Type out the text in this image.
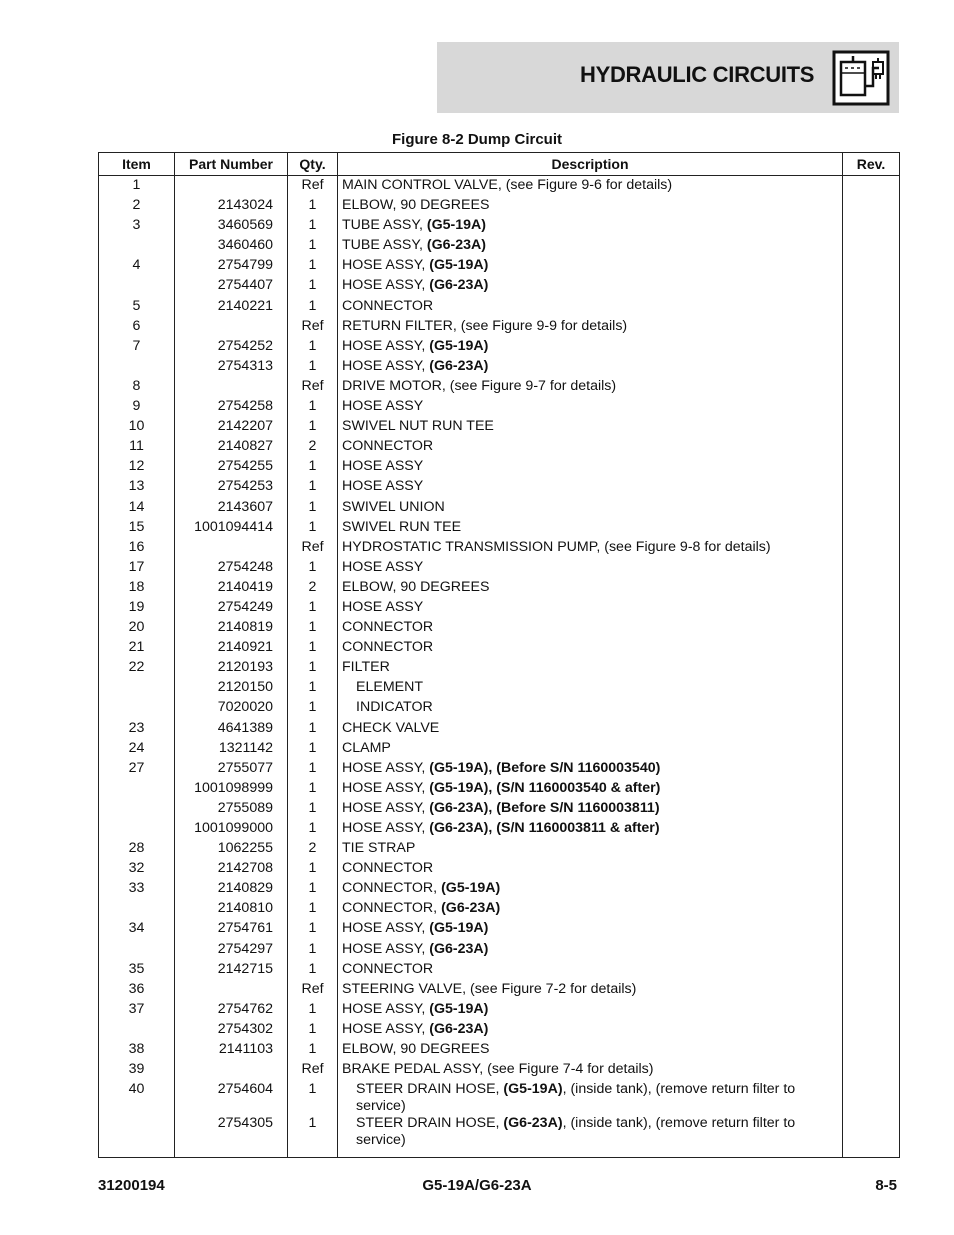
HYDRAULIC CIRCUITS
Figure 8-2 Dump Circuit
Item	Part Number	Qty.	Description	Rev.
1		Ref	MAIN CONTROL VALVE, (see Figure 9-6 for details)	
2	2143024	1	ELBOW, 90 DEGREES	
3	3460569	1	TUBE ASSY, (G5-19A)	
	3460460	1	TUBE ASSY, (G6-23A)	
4	2754799	1	HOSE ASSY, (G5-19A)	
	2754407	1	HOSE ASSY, (G6-23A)	
5	2140221	1	CONNECTOR	
6		Ref	RETURN FILTER, (see Figure 9-9 for details)	
7	2754252	1	HOSE ASSY, (G5-19A)	
	2754313	1	HOSE ASSY, (G6-23A)	
8		Ref	DRIVE MOTOR, (see Figure 9-7 for details)	
9	2754258	1	HOSE ASSY	
10	2142207	1	SWIVEL NUT RUN TEE	
11	2140827	2	CONNECTOR	
12	2754255	1	HOSE ASSY	
13	2754253	1	HOSE ASSY	
14	2143607	1	SWIVEL UNION	
15	1001094414	1	SWIVEL RUN TEE	
16		Ref	HYDROSTATIC TRANSMISSION PUMP, (see Figure 9-8 for details)	
17	2754248	1	HOSE ASSY	
18	2140419	2	ELBOW, 90 DEGREES	
19	2754249	1	HOSE ASSY	
20	2140819	1	CONNECTOR	
21	2140921	1	CONNECTOR	
22	2120193	1	FILTER	
	2120150	1	ELEMENT	
	7020020	1	INDICATOR	
23	4641389	1	CHECK VALVE	
24	1321142	1	CLAMP	
27	2755077	1	HOSE ASSY, (G5-19A), (Before S/N 1160003540)	
	1001098999	1	HOSE ASSY, (G5-19A), (S/N 1160003540 & after)	
	2755089	1	HOSE ASSY, (G6-23A), (Before S/N 1160003811)	
	1001099000	1	HOSE ASSY, (G6-23A), (S/N 1160003811 & after)	
28	1062255	2	TIE STRAP	
32	2142708	1	CONNECTOR	
33	2140829	1	CONNECTOR, (G5-19A)	
	2140810	1	CONNECTOR, (G6-23A)	
34	2754761	1	HOSE ASSY, (G5-19A)	
	2754297	1	HOSE ASSY, (G6-23A)	
35	2142715	1	CONNECTOR	
36		Ref	STEERING VALVE, (see Figure 7-2 for details)	
37	2754762	1	HOSE ASSY, (G5-19A)	
	2754302	1	HOSE ASSY, (G6-23A)	
38	2141103	1	ELBOW, 90 DEGREES	
39		Ref	BRAKE PEDAL ASSY, (see Figure 7-4 for details)	
40	2754604	1	STEER DRAIN HOSE, (G5-19A), (inside tank), (remove return filter to service)	
	2754305	1	STEER DRAIN HOSE, (G6-23A), (inside tank), (remove return filter to service)	
31200194	G5-19A/G6-23A	8-5
